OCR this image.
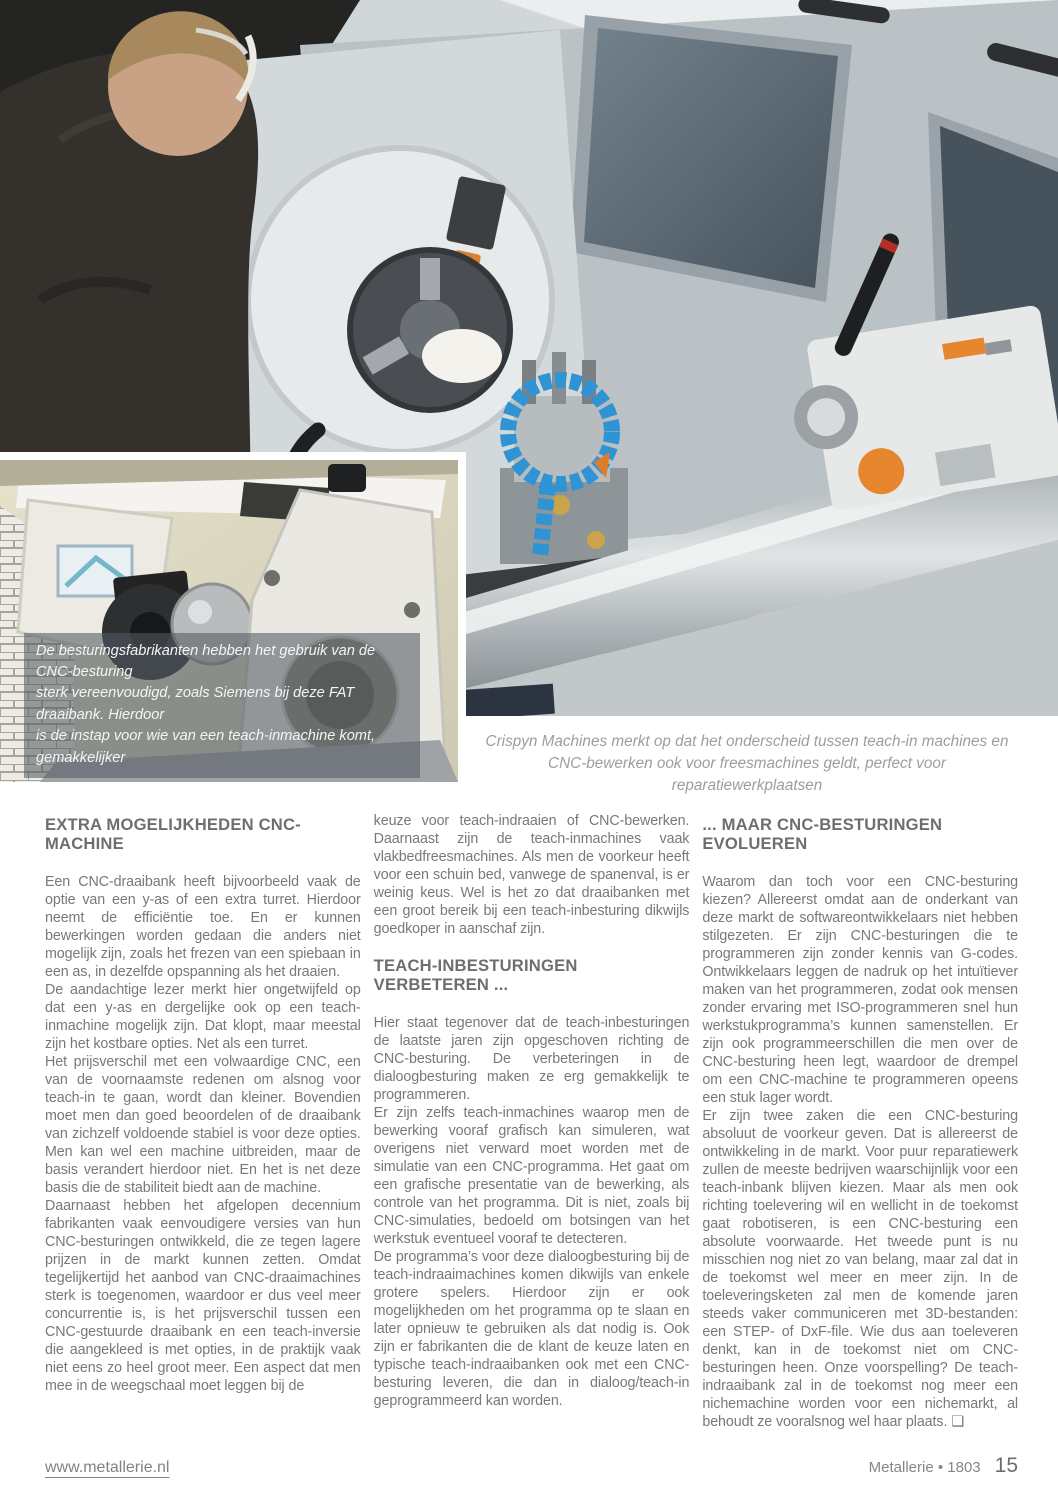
De besturingsfabrikanten hebben het gebruik van de CNC-besturing
sterk vereenvoudigd, zoals Siemens bij deze FAT draaibank. Hierdoor
is de instap voor wie van een teach-inmachine komt, gemakkelijker
Crispyn Machines merkt op dat het onderscheid tussen teach-in machines en
CNC-bewerken ook voor freesmachines geldt, perfect voor reparatiewerkplaatsen
EXTRA MOGELIJKHEDEN CNC-MACHINE

Een CNC-draaibank heeft bijvoorbeeld vaak de optie van een y-as of een extra turret. Hierdoor neemt de efficiëntie toe. En er kunnen bewerkingen worden gedaan die anders niet mogelijk zijn, zoals het frezen van een spiebaan in een as, in dezelfde opspanning als het draaien.

De aandachtige lezer merkt hier ongetwijfeld op dat een y-as en dergelijke ook op een teach-inmachine mogelijk zijn. Dat klopt, maar meestal zijn het kostbare opties. Net als een turret.

Het prijsverschil met een volwaardige CNC, een van de voornaamste redenen om alsnog voor teach-in te gaan, wordt dan kleiner. Bovendien moet men dan goed beoordelen of de draaibank van zichzelf voldoende stabiel is voor deze opties. Men kan wel een machine uitbreiden, maar de basis verandert hierdoor niet. En het is net deze basis die de stabiliteit biedt aan de machine.

Daarnaast hebben het afgelopen decennium fabrikanten vaak eenvoudigere versies van hun CNC-besturingen ontwikkeld, die ze tegen lagere prijzen in de markt kunnen zetten. Omdat tegelijkertijd het aanbod van CNC-draaimachines sterk is toegenomen, waardoor er dus veel meer concurrentie is, is het prijsverschil tussen een CNC-gestuurde draaibank en een teach-inversie die aangekleed is met opties, in de praktijk vaak niet eens zo heel groot meer. Een aspect dat men mee in de weegschaal moet leggen bij de

keuze voor teach-indraaien of CNC-bewerken. Daarnaast zijn de teach-inmachines vaak vlakbedfreesmachines. Als men de voorkeur heeft voor een schuin bed, vanwege de spanenval, is er weinig keus. Wel is het zo dat draaibanken met een groot bereik bij een teach-inbesturing dikwijls goedkoper in aanschaf zijn.

TEACH-INBESTURINGEN VERBETEREN ...

Hier staat tegenover dat de teach-inbesturingen de laatste jaren zijn opgeschoven richting de CNC-besturing. De verbeteringen in de dialoogbesturing maken ze erg gemakkelijk te programmeren.

Er zijn zelfs teach-inmachines waarop men de bewerking vooraf grafisch kan simuleren, wat overigens niet verward moet worden met de simulatie van een CNC-programma. Het gaat om een grafische presentatie van de bewerking, als controle van het programma. Dit is niet, zoals bij CNC-simulaties, bedoeld om botsingen van het werkstuk eventueel vooraf te detecteren.

De programma’s voor deze dialoogbesturing bij de teach-indraaimachines komen dikwijls van enkele grotere spelers. Hierdoor zijn er ook mogelijkheden om het programma op te slaan en later opnieuw te gebruiken als dat nodig is. Ook zijn er fabrikanten die de klant de keuze laten en typische teach-indraaibanken ook met een CNC-besturing leveren, die dan in dialoog/teach-in geprogrammeerd kan worden.

... MAAR CNC-BESTURINGEN EVOLUEREN

Waarom dan toch voor een CNC-besturing kiezen? Allereerst omdat aan de onderkant van deze markt de softwareontwikkelaars niet hebben stilgezeten. Er zijn CNC-besturingen die te programmeren zijn zonder kennis van G-codes. Ontwikkelaars leggen de nadruk op het intuïtiever maken van het programmeren, zodat ook mensen zonder ervaring met ISO-programmeren snel hun werkstukprogramma’s kunnen samenstellen. Er zijn ook programmeerschillen die men over de CNC-besturing heen legt, waardoor de drempel om een CNC-machine te programmeren opeens een stuk lager wordt.

Er zijn twee zaken die een CNC-besturing absoluut de voorkeur geven. Dat is allereerst de ontwikkeling in de markt. Voor puur reparatiewerk zullen de meeste bedrijven waarschijnlijk voor een teach-inbank blijven kiezen. Maar als men ook richting toelevering wil en wellicht in de toekomst gaat robotiseren, is een CNC-besturing een absolute voorwaarde. Het tweede punt is nu misschien nog niet zo van belang, maar zal dat in de toekomst wel meer en meer zijn. In de toeleveringsketen zal men de komende jaren steeds vaker communiceren met 3D-bestanden: een STEP- of DxF-file. Wie dus aan toeleveren denkt, kan in de toekomst niet om CNC-besturingen heen. Onze voorspelling? De teach-indraaibank zal in de toekomst nog meer een nichemachine worden voor een nichemarkt, al behoudt ze vooralsnog wel haar plaats. ❑

www.metallerie.nl	Metallerie • 1803 15
